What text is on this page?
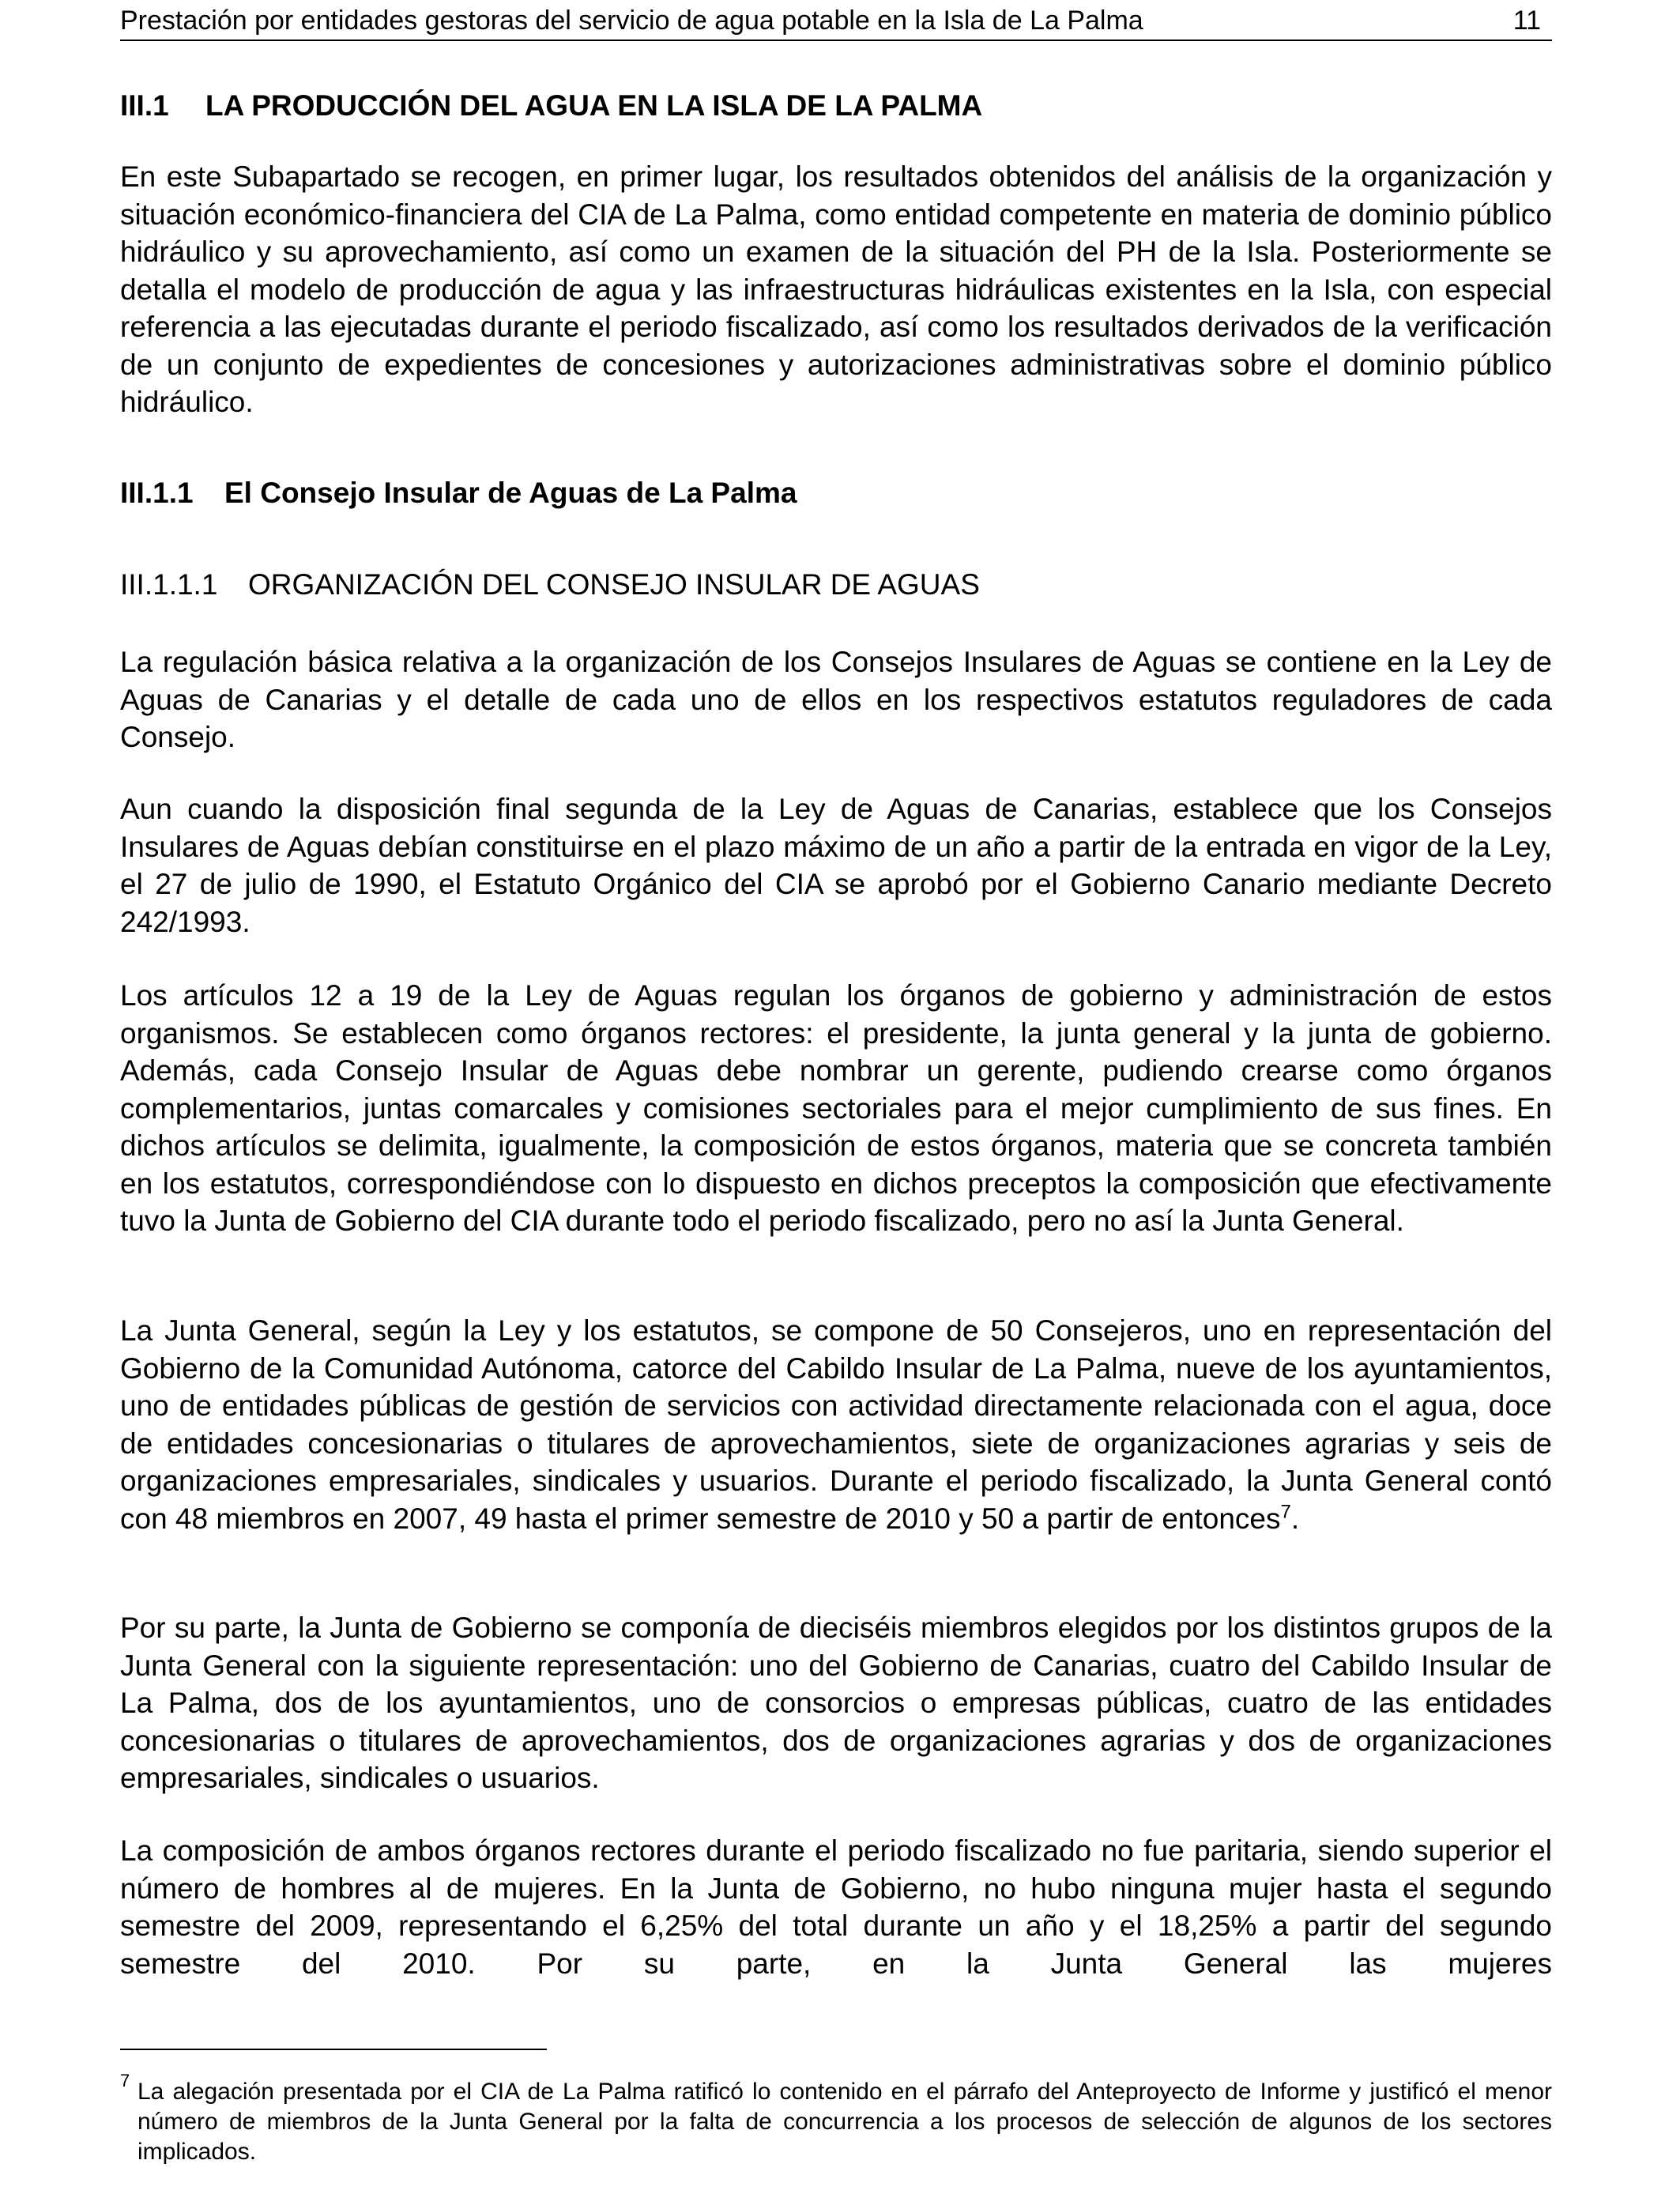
Prestación por entidades gestoras del servicio de agua potable en la Isla de La Palma	11
III.1 LA PRODUCCIÓN DEL AGUA EN LA ISLA DE LA PALMA

En este Subapartado se recogen, en primer lugar, los resultados obtenidos del análisis de la organización y situación económico-financiera del CIA de La Palma, como entidad competente en materia de dominio público hidráulico y su aprovechamiento, así como un examen de la situación del PH de la Isla. Posteriormente se detalla el modelo de producción de agua y las infraestructuras hidráulicas existentes en la Isla, con especial referencia a las ejecutadas durante el periodo fiscalizado, así como los resultados derivados de la verificación de un conjunto de expedientes de concesiones y autorizaciones administrativas sobre el dominio público hidráulico.

III.1.1 El Consejo Insular de Aguas de La Palma
III.1.1.1 ORGANIZACIÓN DEL CONSEJO INSULAR DE AGUAS

La regulación básica relativa a la organización de los Consejos Insulares de Aguas se contiene en la Ley de Aguas de Canarias y el detalle de cada uno de ellos en los respectivos estatutos reguladores de cada Consejo.

Aun cuando la disposición final segunda de la Ley de Aguas de Canarias, establece que los Consejos Insulares de Aguas debían constituirse en el plazo máximo de un año a partir de la entrada en vigor de la Ley, el 27 de julio de 1990, el Estatuto Orgánico del CIA se aprobó por el Gobierno Canario mediante Decreto 242/1993.

Los artículos 12 a 19 de la Ley de Aguas regulan los órganos de gobierno y administración de estos organismos. Se establecen como órganos rectores: el presidente, la junta general y la junta de gobierno. Además, cada Consejo Insular de Aguas debe nombrar un gerente, pudiendo crearse como órganos complementarios, juntas comarcales y comisiones sectoriales para el mejor cumplimiento de sus fines. En dichos artículos se delimita, igualmente, la composición de estos órganos, materia que se concreta también en los estatutos, correspondiéndose con lo dispuesto en dichos preceptos la composición que efectivamente tuvo la Junta de Gobierno del CIA durante todo el periodo fiscalizado, pero no así la Junta General.

La Junta General, según la Ley y los estatutos, se compone de 50 Consejeros, uno en representación del Gobierno de la Comunidad Autónoma, catorce del Cabildo Insular de La Palma, nueve de los ayuntamientos, uno de entidades públicas de gestión de servicios con actividad directamente relacionada con el agua, doce de entidades concesionarias o titulares de aprovechamientos, siete de organizaciones agrarias y seis de organizaciones empresariales, sindicales y usuarios. Durante el periodo fiscalizado, la Junta General contó con 48 miembros en 2007, 49 hasta el primer semestre de 2010 y 50 a partir de entonces$^7$.

Por su parte, la Junta de Gobierno se componía de dieciséis miembros elegidos por los distintos grupos de la Junta General con la siguiente representación: uno del Gobierno de Canarias, cuatro del Cabildo Insular de La Palma, dos de los ayuntamientos, uno de consorcios o empresas públicas, cuatro de las entidades concesionarias o titulares de aprovechamientos, dos de organizaciones agrarias y dos de organizaciones empresariales, sindicales o usuarios.

La composición de ambos órganos rectores durante el periodo fiscalizado no fue paritaria, siendo superior el número de hombres al de mujeres. En la Junta de Gobierno, no hubo ninguna mujer hasta el segundo semestre del 2009, representando el 6,25% del total durante un año y el 18,25% a partir del segundo semestre del 2010. Por su parte, en la Junta General las mujeres

7 La alegación presentada por el CIA de La Palma ratificó lo contenido en el párrafo del Anteproyecto de Informe y justificó el menor número de miembros de la Junta General por la falta de concurrencia a los procesos de selección de algunos de los sectores implicados.
